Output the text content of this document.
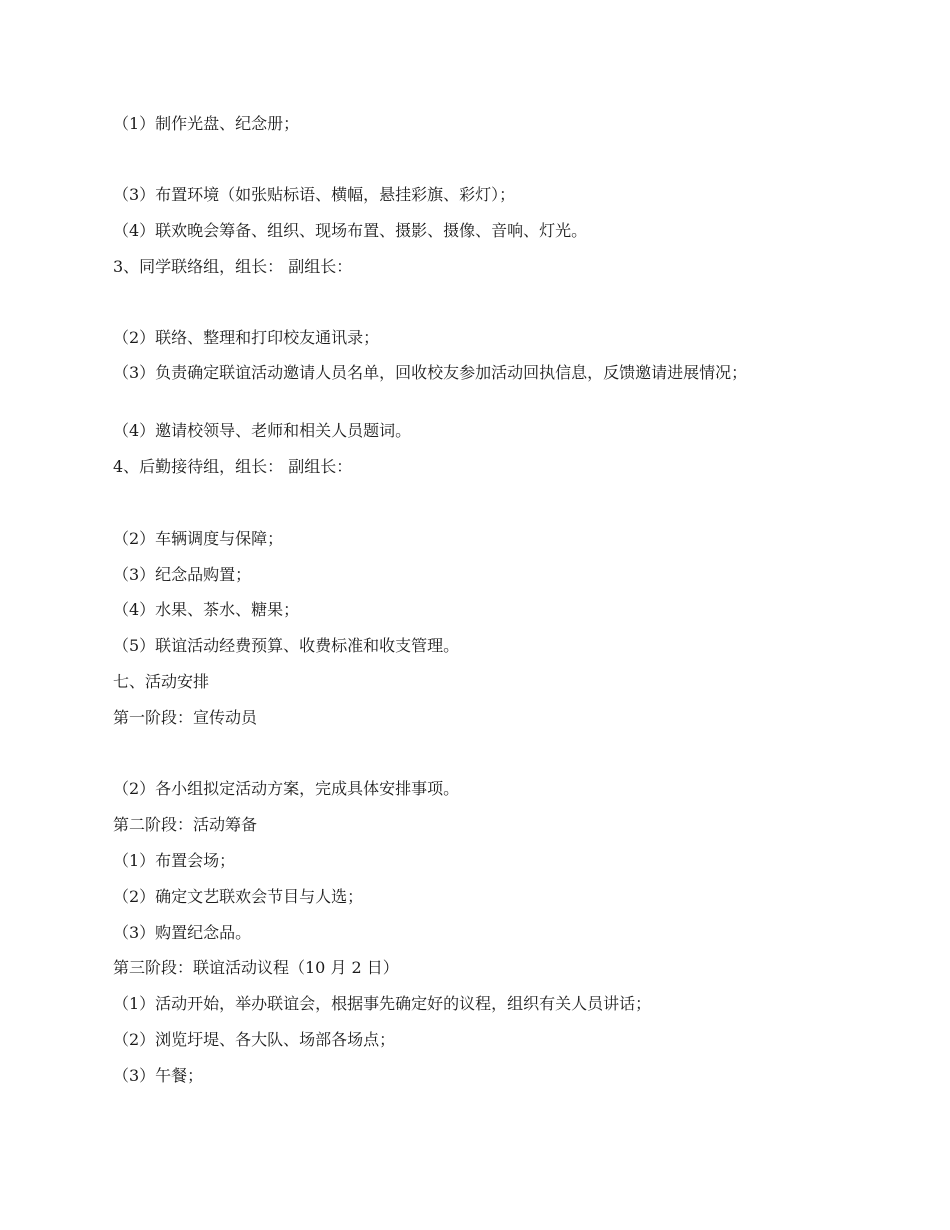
（1）制作光盘、纪念册；
（3）布置环境（如张贴标语、横幅，悬挂彩旗、彩灯）；
（4）联欢晚会筹备、组织、现场布置、摄影、摄像、音响、灯光。
3、同学联络组，组长： 副组长：
（2）联络、整理和打印校友通讯录；
（3）负责确定联谊活动邀请人员名单，回收校友参加活动回执信息，反馈邀请进展情况；
（4）邀请校领导、老师和相关人员题词。
4、后勤接待组，组长： 副组长：
（2）车辆调度与保障；
（3）纪念品购置；
（4）水果、茶水、糖果；
（5）联谊活动经费预算、收费标准和收支管理。
七、活动安排
第一阶段：宣传动员
（2）各小组拟定活动方案，完成具体安排事项。
第二阶段：活动筹备
（1）布置会场；
（2）确定文艺联欢会节目与人选；
（3）购置纪念品。
第三阶段：联谊活动议程（10 月 2 日）
（1）活动开始，举办联谊会，根据事先确定好的议程，组织有关人员讲话；
（2）浏览圩堤、各大队、场部各场点；
（3）午餐；
